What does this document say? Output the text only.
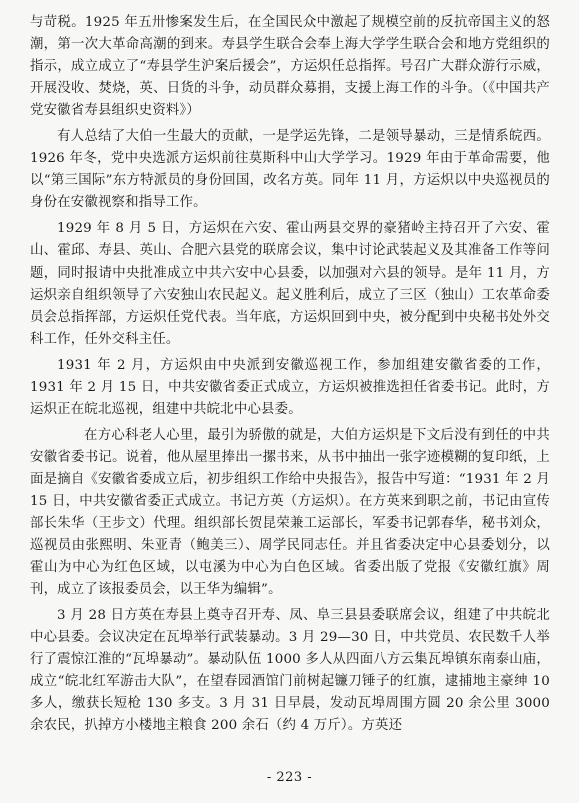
与苛税。1925 年五卅惨案发生后，在全国民众中激起了规模空前的反抗帝国主义的怒潮，第一次大革命高潮的到来。寿县学生联合会奉上海大学学生联合会和地方党组织的指示，成立成立了“寿县学生沪案后援会”，方运炽任总指挥。号召广大群众游行示威，开展没收、焚烧，英、日货的斗争，动员群众募捐，支援上海工作的斗争。（《中国共产党安徽省寿县组织史资料》）

有人总结了大伯一生最大的贡献，一是学运先锋，二是领导暴动，三是情系皖西。1926 年冬，党中央选派方运炽前往莫斯科中山大学学习。1929 年由于革命需要，他以“第三国际”东方特派员的身份回国，改名方英。同年 11 月，方运炽以中央巡视员的身份在安徽视察和指导工作。

1929 年 8 月 5 日，方运炽在六安、霍山两县交界的豪猪岭主持召开了六安、霍山、霍邱、寿县、英山、合肥六县党的联席会议，集中讨论武装起义及其准备工作等问题，同时报请中央批准成立中共六安中心县委，以加强对六县的领导。是年 11 月，方运炽亲自组织领导了六安独山农民起义。起义胜利后，成立了三区（独山）工农革命委员会总指挥部，方运炽任党代表。当年底，方运炽回到中央，被分配到中央秘书处外交科工作，任外交科主任。

1931 年 2 月，方运炽由中央派到安徽巡视工作，参加组建安徽省委的工作，1931 年 2 月 15 日，中共安徽省委正式成立，方运炽被推选担任省委书记。此时，方运炽正在皖北巡视，组建中共皖北中心县委。

在方心科老人心里，最引为骄傲的就是，大伯方运炽是下文后没有到任的中共安徽省委书记。说着，他从屋里捧出一摞书来，从书中抽出一张字迹模糊的复印纸，上面是摘自《安徽省委成立后，初步组织工作给中央报告》，报告中写道：“1931 年 2 月 15 日，中共安徽省委正式成立。书记方英（方运炽）。在方英来到职之前，书记由宣传部长朱华（王步文）代理。组织部长贺昆荣兼工运部长，军委书记郭春华，秘书刘众，巡视员由张熙明、朱亚青（鲍美三）、周学民同志任。并且省委决定中心县委划分，以霍山为中心为红色区域，以屯溪为中心为白色区域。省委出版了党报《安徽红旗》周刊，成立了该报委员会，以王华为编辑”。

3 月 28 日方英在寿县上奠寺召开寿、凤、阜三县县委联席会议，组建了中共皖北中心县委。会议决定在瓦埠举行武装暴动。3 月 29—30 日，中共党员、农民数千人举行了震惊江淮的“瓦埠暴动”。暴动队伍 1000 多人从四面八方云集瓦埠镇东南泰山庙，成立“皖北红军游击大队”，在望春园酒馆门前树起镰刀锤子的红旗，逮捕地主豪绅 10 多人，缴获长短枪 130 多支。3 月 31 日早晨，发动瓦埠周围方圆 20 余公里 3000 余农民，扒掉方小楼地主粮食 200 余石（约 4 万斤）。方英还

- 223 -
